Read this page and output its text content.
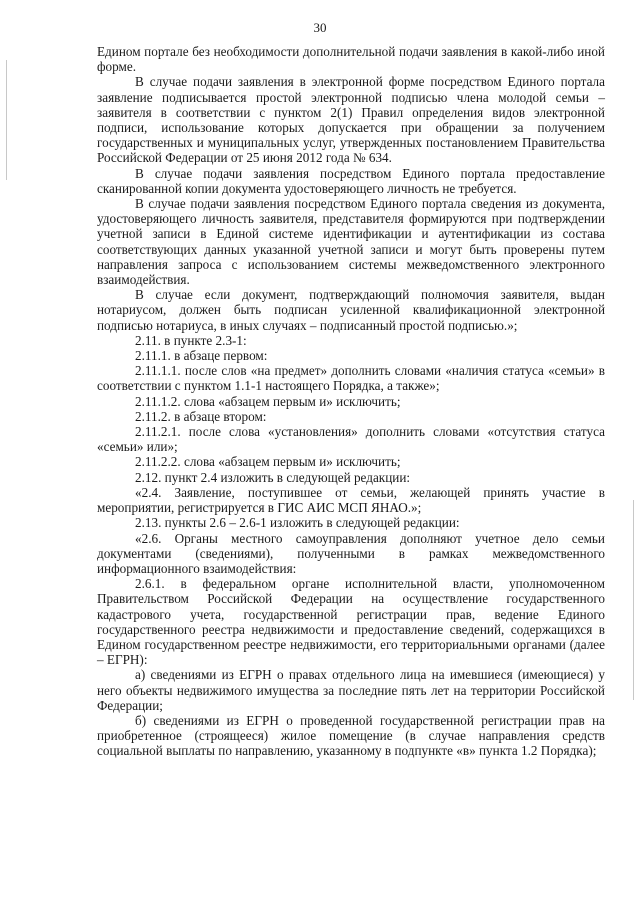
30

Едином портале без необходимости дополнительной подачи заявления в какой-либо иной форме.

В случае подачи заявления в электронной форме посредством Единого портала заявление подписывается простой электронной подписью члена молодой семьи – заявителя в соответствии с пунктом 2(1) Правил определения видов электронной подписи, использование которых допускается при обращении за получением государственных и муниципальных услуг, утвержденных постановлением Правительства Российской Федерации от 25 июня 2012 года № 634.

В случае подачи заявления посредством Единого портала предоставление сканированной копии документа удостоверяющего личность не требуется.

В случае подачи заявления посредством Единого портала сведения из документа, удостоверяющего личность заявителя, представителя формируются при подтверждении учетной записи в Единой системе идентификации и аутентификации из состава соответствующих данных указанной учетной записи и могут быть проверены путем направления запроса с использованием системы межведомственного электронного взаимодействия.

В случае если документ, подтверждающий полномочия заявителя, выдан нотариусом, должен быть подписан усиленной квалификационной электронной подписью нотариуса, в иных случаях – подписанный простой подписью.»;

2.11. в пункте 2.3-1:

2.11.1. в абзаце первом:

2.11.1.1. после слов «на предмет» дополнить словами «наличия статуса «семьи» в соответствии с пунктом 1.1-1 настоящего Порядка, а также»;

2.11.1.2. слова «абзацем первым и» исключить;

2.11.2. в абзаце втором:

2.11.2.1. после слова «установления» дополнить словами «отсутствия статуса «семьи» или»;

2.11.2.2. слова «абзацем первым и» исключить;

2.12. пункт 2.4 изложить в следующей редакции:

«2.4. Заявление, поступившее от семьи, желающей принять участие в мероприятии, регистрируется в ГИС АИС МСП ЯНАО.»;

2.13. пункты 2.6 – 2.6-1 изложить в следующей редакции:

«2.6. Органы местного самоуправления дополняют учетное дело семьи документами (сведениями), полученными в рамках межведомственного информационного взаимодействия:

2.6.1. в федеральном органе исполнительной власти, уполномоченном Правительством Российской Федерации на осуществление государственного кадастрового учета, государственной регистрации прав, ведение Единого государственного реестра недвижимости и предоставление сведений, содержащихся в Едином государственном реестре недвижимости, его территориальными органами (далее – ЕГРН):

а) сведениями из ЕГРН о правах отдельного лица на имевшиеся (имеющиеся) у него объекты недвижимого имущества за последние пять лет на территории Российской Федерации;

б) сведениями из ЕГРН о проведенной государственной регистрации прав на приобретенное (строящееся) жилое помещение (в случае направления средств социальной выплаты по направлению, указанному в подпункте «в» пункта 1.2 Порядка);
